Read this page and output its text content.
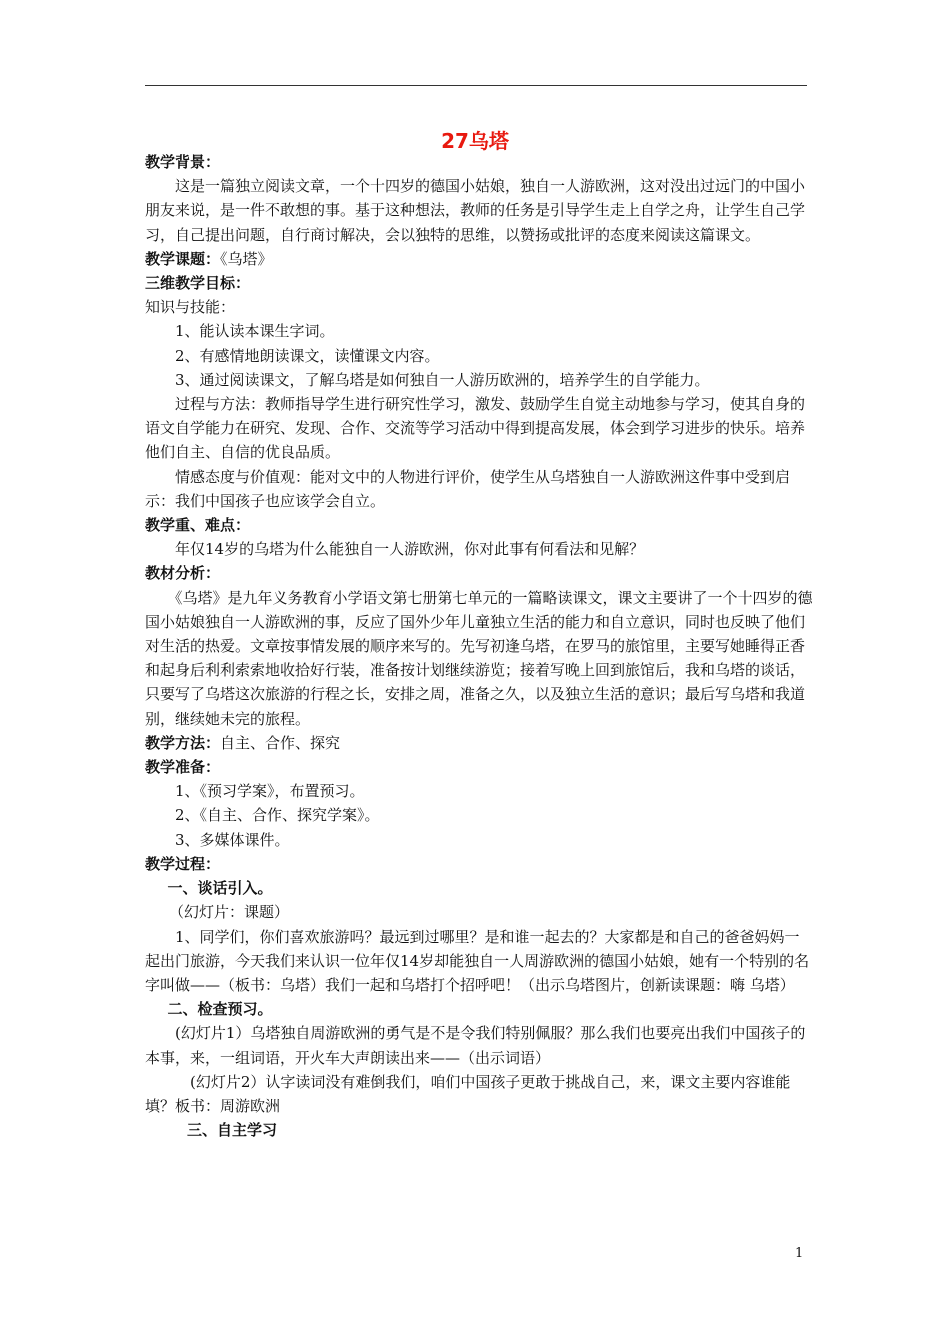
27乌塔

教学背景：

这是一篇独立阅读文章，一个十四岁的德国小姑娘，独自一人游欧洲，这对没出过远门的中国小朋友来说，是一件不敢想的事。基于这种想法，教师的任务是引导学生走上自学之舟，让学生自己学习，自己提出问题，自行商讨解决，会以独特的思维，以赞扬或批评的态度来阅读这篇课文。

教学课题：《乌塔》

三维教学目标：

知识与技能：

1、能认读本课生字词。

2、有感情地朗读课文，读懂课文内容。

3、通过阅读课文，了解乌塔是如何独自一人游历欧洲的，培养学生的自学能力。

过程与方法：教师指导学生进行研究性学习，激发、鼓励学生自觉主动地参与学习，使其自身的语文自学能力在研究、发现、合作、交流等学习活动中得到提高发展，体会到学习进步的快乐。培养他们自主、自信的优良品质。

情感态度与价值观：能对文中的人物进行评价，使学生从乌塔独自一人游欧洲这件事中受到启示：我们中国孩子也应该学会自立。

教学重、难点：

年仅14岁的乌塔为什么能独自一人游欧洲，你对此事有何看法和见解？

教材分析：

《乌塔》是九年义务教育小学语文第七册第七单元的一篇略读课文，课文主要讲了一个十四岁的德国小姑娘独自一人游欧洲的事，反应了国外少年儿童独立生活的能力和自立意识，同时也反映了他们对生活的热爱。文章按事情发展的顺序来写的。先写初逢乌塔，在罗马的旅馆里，主要写她睡得正香和起身后利利索索地收拾好行装，准备按计划继续游览；接着写晚上回到旅馆后，我和乌塔的谈话，只要写了乌塔这次旅游的行程之长，安排之周，准备之久，以及独立生活的意识；最后写乌塔和我道别，继续她未完的旅程。

教学方法：自主、合作、探究

教学准备：

1、《预习学案》，布置预习。

2、《自主、合作、探究学案》。

3、多媒体课件。

教学过程：

一、谈话引入。

（幻灯片：课题）

1、同学们，你们喜欢旅游吗？最远到过哪里？是和谁一起去的？大家都是和自己的爸爸妈妈一起出门旅游，今天我们来认识一位年仅14岁却能独自一人周游欧洲的德国小姑娘，她有一个特别的名字叫做——（板书：乌塔）我们一起和乌塔打个招呼吧！（出示乌塔图片，创新读课题：嗨 乌塔）

二、检查预习。

(幻灯片1）乌塔独自周游欧洲的勇气是不是令我们特别佩服？那么我们也要亮出我们中国孩子的本事，来，一组词语，开火车大声朗读出来——（出示词语）

(幻灯片2）认字读词没有难倒我们，咱们中国孩子更敢于挑战自己，来，课文主要内容谁能填？板书：周游欧洲

三、自主学习

1
